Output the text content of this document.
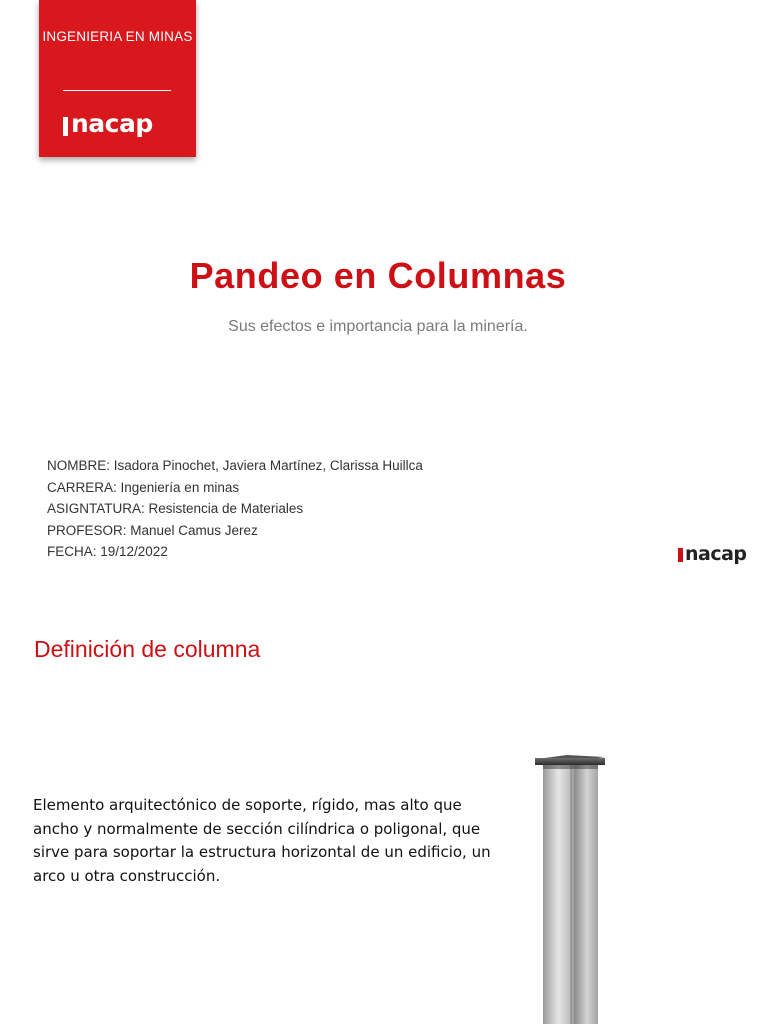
INGENIERIA EN MINAS
nacap
Pandeo en Columnas

Sus efectos e importancia para la minería.

NOMBRE: Isadora Pinochet, Javiera Martínez, Clarissa Huillca
CARRERA: Ingeniería en minas
ASIGNTATURA: Resistencia de Materiales
PROFESOR: Manuel Camus Jerez
FECHA: 19/12/2022	nacap
Definición de columna

Elemento arquitectónico de soporte, rígido, mas alto que ancho y normalmente de sección cilíndrica o poligonal, que sirve para soportar la estructura horizontal de un edificio, un arco u otra construcción.
